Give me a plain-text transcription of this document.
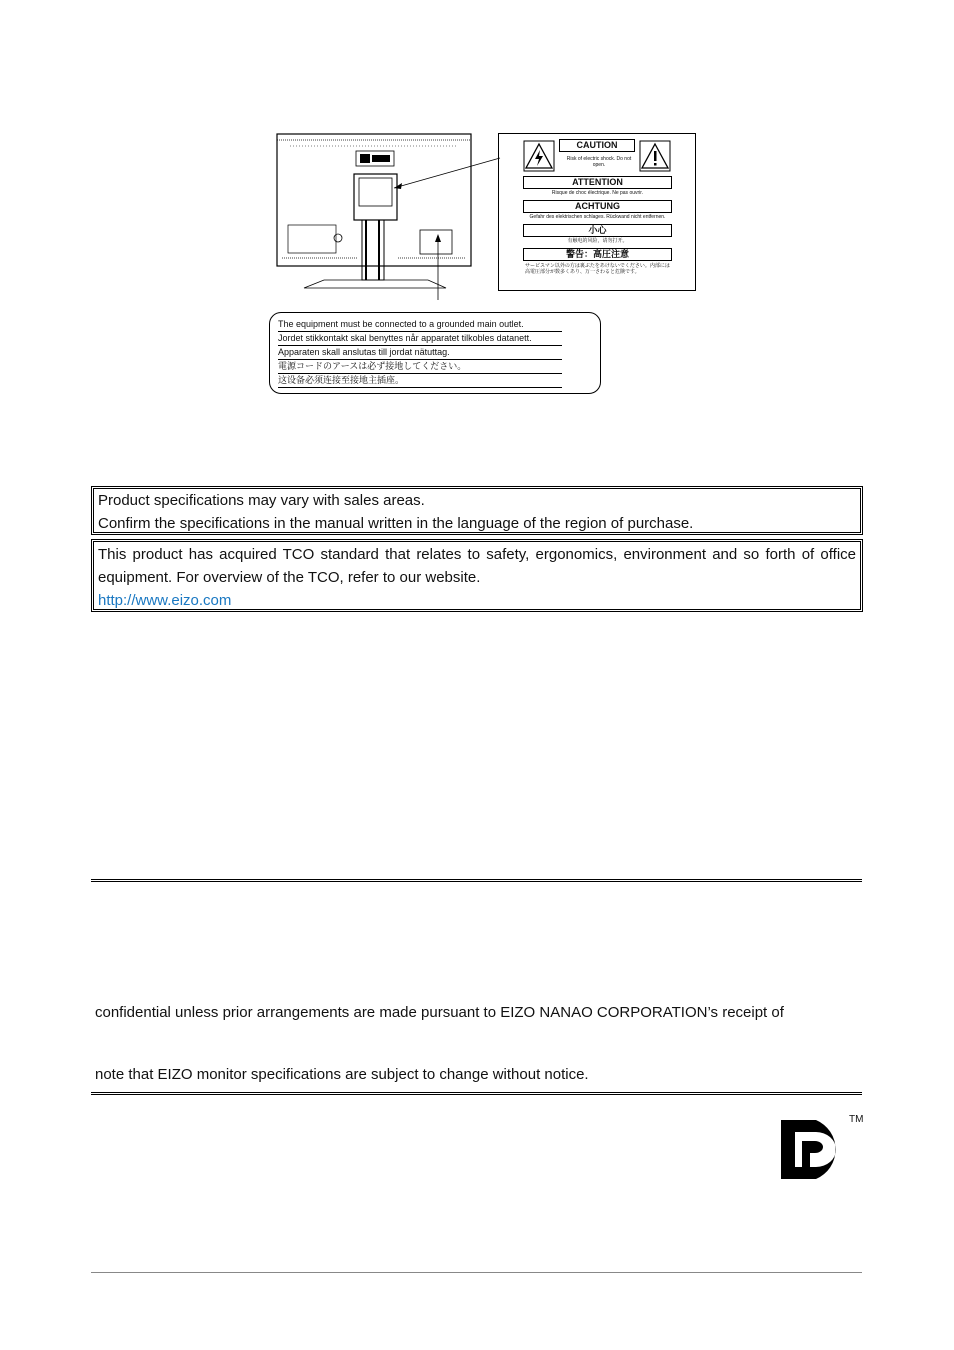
CAUTION
Risk of electric shock. Do not open.
ATTENTION
Risque de choc électrique. Ne pas ouvrir.
ACHTUNG
Gefahr des elektrischen schlages. Rückwand nicht entfernen.
小心
有触电的风险，请勿打开。
警告：高圧注意
サービスマン以外の方は裏ぶたをあけないでください。内部には高電圧部分が数多くあり、万一さわると危険です。
The equipment must be connected to a grounded main outlet.
Jordet stikkontakt skal benyttes når apparatet tilkobles datanett.
Apparaten skall anslutas till jordat nätuttag.
電源コードのアースは必ず接地してください。
这设备必须连接至接地主插座。
Product specifications may vary with sales areas.
Confirm the specifications in the manual written in the language of the region of purchase.
This product has acquired TCO standard that relates to safety, ergonomics, environment and so forth of office equipment. For overview of the TCO, refer to our website.
http://www.eizo.com
confidential unless prior arrangements are made pursuant to EIZO NANAO CORPORATION’s receipt of
note that EIZO monitor specifications are subject to change without notice.
TM
